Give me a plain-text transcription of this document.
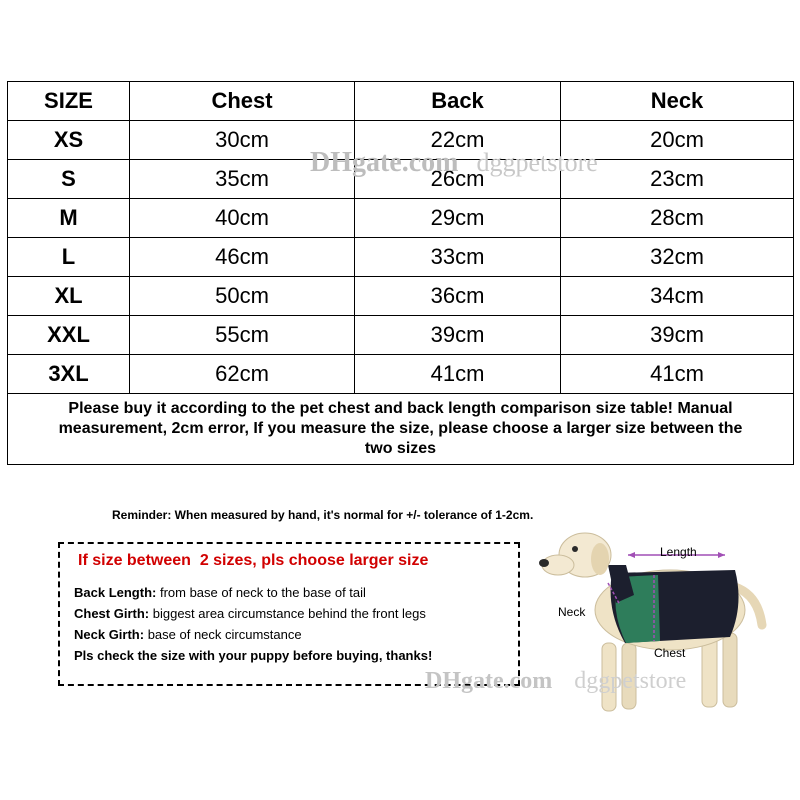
SIZE	Chest	Back	Neck
XS	30cm	22cm	20cm
S	35cm	26cm	23cm
M	40cm	29cm	28cm
L	46cm	33cm	32cm
XL	50cm	36cm	34cm
XXL	55cm	39cm	39cm
3XL	62cm	41cm	41cm
Please buy it according to the pet chest and back length comparison size table! Manual measurement, 2cm error, If you measure the size, please choose a larger size between the two sizes			
DHgate.com dggpetstore
Reminder: When measured by hand, it's normal for +/- tolerance of 1-2cm.
If size between  2 sizes, pls choose larger size
Back Length: from base of neck to the base of tail
Chest Girth: biggest area circumstance behind the front legs
Neck Girth: base of neck circumstance
Pls check the size with your puppy before buying, thanks!
Length
Neck
Chest
DHgate.com dggpetstore
